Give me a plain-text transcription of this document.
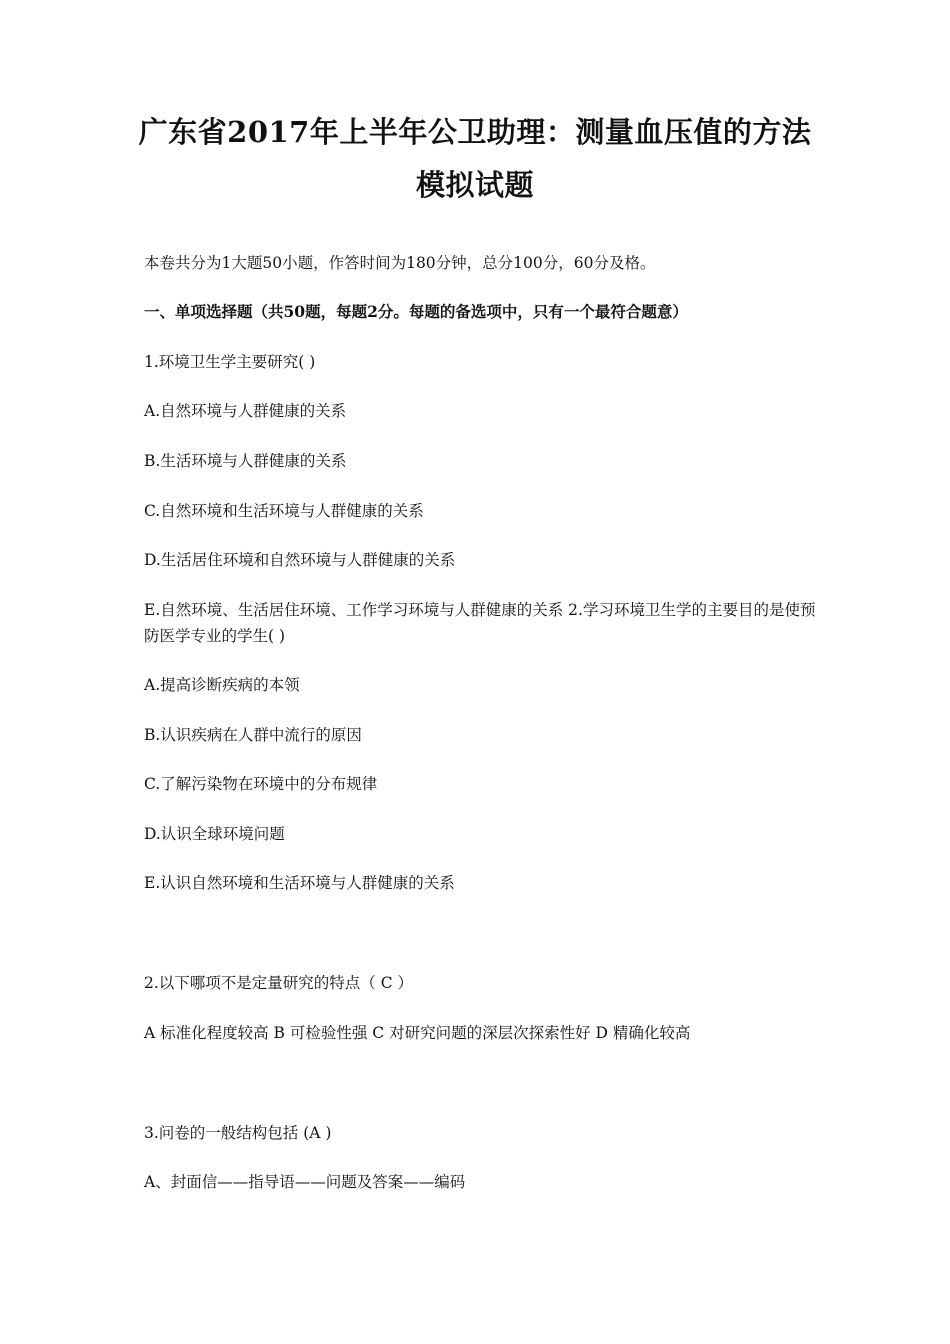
广东省2017年上半年公卫助理：测量血压值的方法
模拟试题
本卷共分为1大题50小题，作答时间为180分钟，总分100分，60分及格。
一、单项选择题（共50题，每题2分。每题的备选项中，只有一个最符合题意）
1.环境卫生学主要研究( )
A.自然环境与人群健康的关系
B.生活环境与人群健康的关系
C.自然环境和生活环境与人群健康的关系
D.生活居住环境和自然环境与人群健康的关系
E.自然环境、生活居住环境、工作学习环境与人群健康的关系 2.学习环境卫生学的主要目的是使预防医学专业的学生( )
A.提高诊断疾病的本领
B.认识疾病在人群中流行的原因
C.了解污染物在环境中的分布规律
D.认识全球环境问题
E.认识自然环境和生活环境与人群健康的关系
2.以下哪项不是定量研究的特点（ C ）
A 标准化程度较高 B 可检验性强 C 对研究问题的深层次探索性好 D 精确化较高
3.问卷的一般结构包括 (A )
A、封面信——指导语——问题及答案——编码
